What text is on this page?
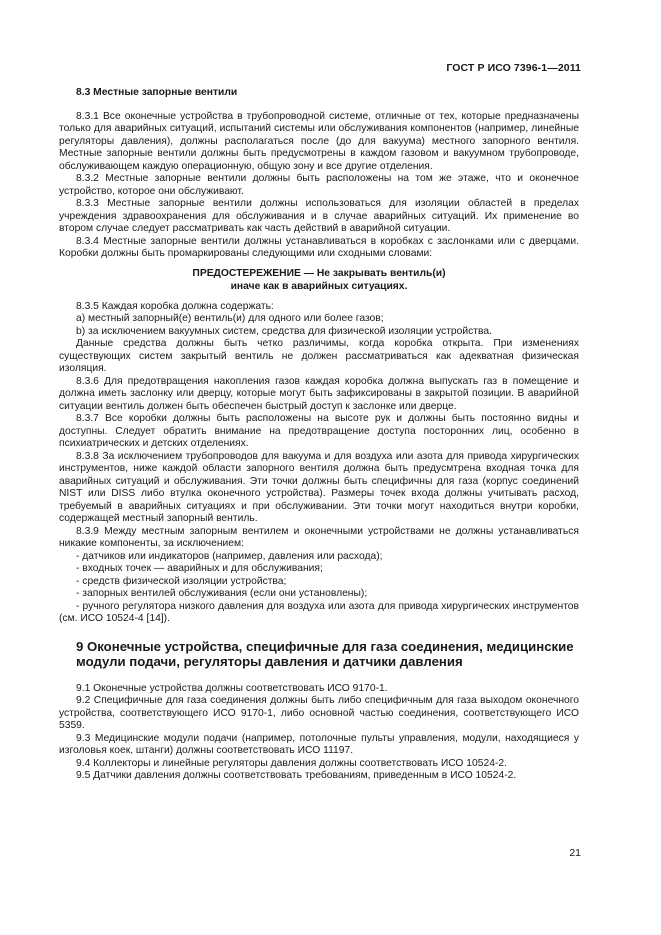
ГОСТ Р ИСО 7396-1—2011

8.3 Местные запорные вентили

8.3.1 Все оконечные устройства в трубопроводной системе, отличные от тех, которые предназначены только для аварийных ситуаций, испытаний системы или обслуживания компонентов (например, линейные регуляторы давления), должны располагаться после (до для вакуума) местного запорного вентиля. Местные запорные вентили должны быть предусмотрены в каждом газовом и вакуумном трубопроводе, обслуживающем каждую операционную, общую зону и все другие отделения.

8.3.2 Местные запорные вентили должны быть расположены на том же этаже, что и оконечное устройство, которое они обслуживают.

8.3.3 Местные запорные вентили должны использоваться для изоляции областей в пределах учреждения здравоохранения для обслуживания и в случае аварийных ситуаций. Их применение во втором случае следует рассматривать как часть действий в аварийной ситуации.

8.3.4 Местные запорные вентили должны устанавливаться в коробках с заслонками или с дверцами. Коробки должны быть промаркированы следующими или сходными словами:

ПРЕДОСТЕРЕЖЕНИЕ — Не закрывать вентиль(и)
иначе как в аварийных ситуациях.

8.3.5 Каждая коробка должна содержать:

a) местный запорный(е) вентиль(и) для одного или более газов;

b) за исключением вакуумных систем, средства для физической изоляции устройства.

Данные средства должны быть четко различимы, когда коробка открыта. При изменениях существующих систем закрытый вентиль не должен рассматриваться как адекватная физическая изоляция.

8.3.6 Для предотвращения накопления газов каждая коробка должна выпускать газ в помещение и должна иметь заслонку или дверцу, которые могут быть зафиксированы в закрытой позиции. В аварийной ситуации вентиль должен быть обеспечен быстрый доступ к заслонке или дверце.

8.3.7 Все коробки должны быть расположены на высоте рук и должны быть постоянно видны и доступны. Следует обратить внимание на предотвращение доступа посторонних лиц, особенно в психиатрических и детских отделениях.

8.3.8 За исключением трубопроводов для вакуума и для воздуха или азота для привода хирургических инструментов, ниже каждой области запорного вентиля должна быть предусмтрена входная точка для аварийных ситуаций и обслуживания. Эти точки должны быть специфичны для газа (корпус соединений NIST или DISS либо втулка оконечного устройства). Размеры точек входа должны учитывать расход, требуемый в аварийных ситуациях и при обслуживании. Эти точки могут находиться внутри коробки, содержащей местный запорный вентиль.

8.3.9 Между местным запорным вентилем и оконечными устройствами не должны устанавливаться никакие компоненты, за исключением:

- датчиков или индикаторов (например, давления или расхода);

- входных точек — аварийных и для обслуживания;

- средств физической изоляции устройства;

- запорных вентилей обслуживания (если они установлены);

- ручного регулятора низкого давления для воздуха или азота для привода хирургических инструментов (см. ИСО 10524-4 [14]).

9 Оконечные устройства, специфичные для газа соединения, медицинские
модули подачи, регуляторы давления и датчики давления

9.1 Оконечные устройства должны соответствовать ИСО 9170-1.

9.2 Специфичные для газа соединения должны быть либо специфичным для газа выходом оконечного устройства, соответствующего ИСО 9170-1, либо основной частью соединения, соответствующего ИСО 5359.

9.3 Медицинские модули подачи (например, потолочные пульты управления, модули, находящиеся у изголовья коек, штанги) должны соответствовать ИСО 11197.

9.4 Коллекторы и линейные регуляторы давления должны соответствовать ИСО 10524-2.

9.5 Датчики давления должны соответствовать требованиям, приведенным в ИСО 10524-2.

21
